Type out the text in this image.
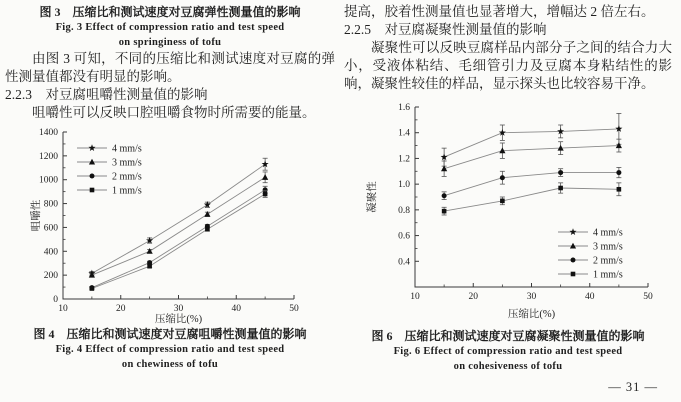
图 3　压缩比和测试速度对豆腐弹性测量值的影响
Fig. 3 Effect of compression ratio and test speed
on springiness of tofu

由图 3 可知，不同的压缩比和测试速度对豆腐的弹性测量值都没有明显的影响。

2.2.3　对豆腐咀嚼性测量值的影响

咀嚼性可以反映口腔咀嚼食物时所需要的能量。

0
200
400
600
800
1000
1200
1400
10	20	30	40	50
压缩比(%)
咀嚼性
4 mm/s
3 mm/s
2 mm/s
1 mm/s
图 4　压缩比和测试速度对豆腐咀嚼性测量值的影响
Fig. 4 Effect of compression ratio and test speed
on chewiness of tofu

提高，胶着性测量值也显著增大，增幅达 2 倍左右。

2.2.5　对豆腐凝聚性测量值的影响

凝聚性可以反映豆腐样品内部分子之间的结合力大小，受液体粘结、毛细管引力及豆腐本身粘结性的影响，凝聚性较佳的样品，显示探头也比较容易干净。

0.4
0.6
0.8
1.0
1.2
1.4
1.6
10	20	30	40	50
压缩比(%)
凝聚性
4 mm/s
3 mm/s
2 mm/s
1 mm/s
图 6　压缩比和测试速度对豆腐凝聚性测量值的影响
Fig. 6 Effect of compression ratio and test speed
on cohesiveness of tofu
— 31 —
